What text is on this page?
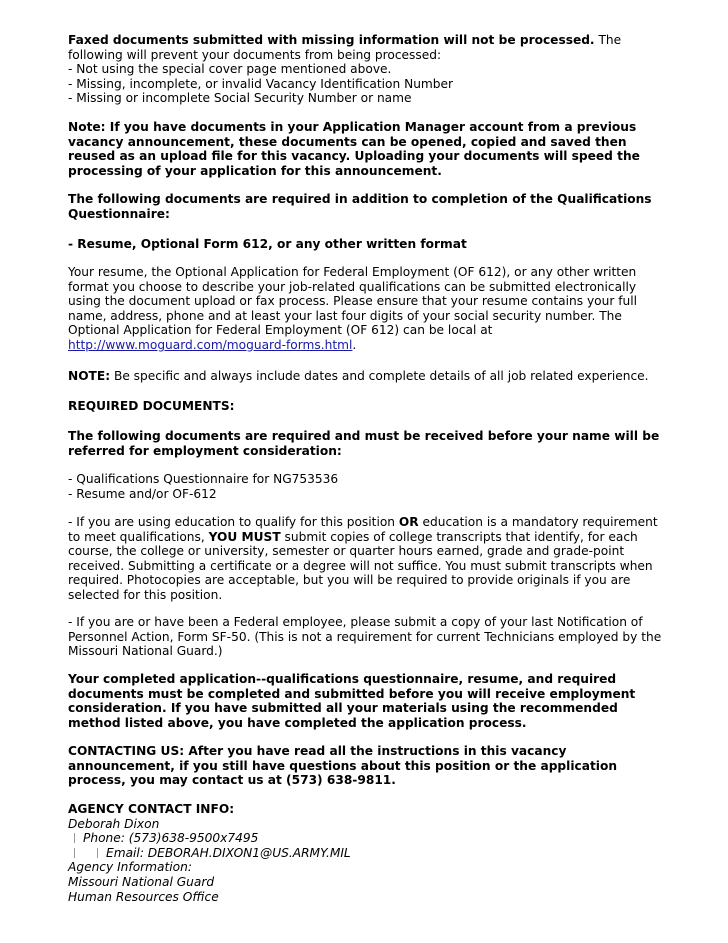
Faxed documents submitted with missing information will not be processed. The following will prevent your documents from being processed:

- Not using the special cover page mentioned above.

- Missing, incomplete, or invalid Vacancy Identification Number

- Missing or incomplete Social Security Number or name

Note: If you have documents in your Application Manager account from a previous vacancy announcement, these documents can be opened, copied and saved then reused as an upload file for this vacancy. Uploading your documents will speed the processing of your application for this announcement.

The following documents are required in addition to completion of the Qualifications Questionnaire:

- Resume, Optional Form 612, or any other written format

Your resume, the Optional Application for Federal Employment (OF 612), or any other written format you choose to describe your job-related qualifications can be submitted electronically using the document upload or fax process. Please ensure that your resume contains your full name, address, phone and at least your last four digits of your social security number. The Optional Application for Federal Employment (OF 612) can be local at http://www.moguard.com/moguard-forms.html.

NOTE: Be specific and always include dates and complete details of all job related experience.

REQUIRED DOCUMENTS:

The following documents are required and must be received before your name will be referred for employment consideration:

- Qualifications Questionnaire for NG753536

- Resume and/or OF-612

- If you are using education to qualify for this position OR education is a mandatory requirement to meet qualifications, YOU MUST submit copies of college transcripts that identify, for each course, the college or university, semester or quarter hours earned, grade and grade-point received. Submitting a certificate or a degree will not suffice. You must submit transcripts when required. Photocopies are acceptable, but you will be required to provide originals if you are selected for this position.

- If you are or have been a Federal employee, please submit a copy of your last Notification of Personnel Action, Form SF-50. (This is not a requirement for current Technicians employed by the Missouri National Guard.)

Your completed application--qualifications questionnaire, resume, and required documents must be completed and submitted before you will receive employment consideration. If you have submitted all your materials using the recommended method listed above, you have completed the application process.

CONTACTING US: After you have read all the instructions in this vacancy announcement, if you still have questions about this position or the application process, you may contact us at (573) 638-9811.

AGENCY CONTACT INFO:

Deborah Dixon

Phone: (573)638-9500x7495

Email: DEBORAH.DIXON1@US.ARMY.MIL

Agency Information:

Missouri National Guard

Human Resources Office
